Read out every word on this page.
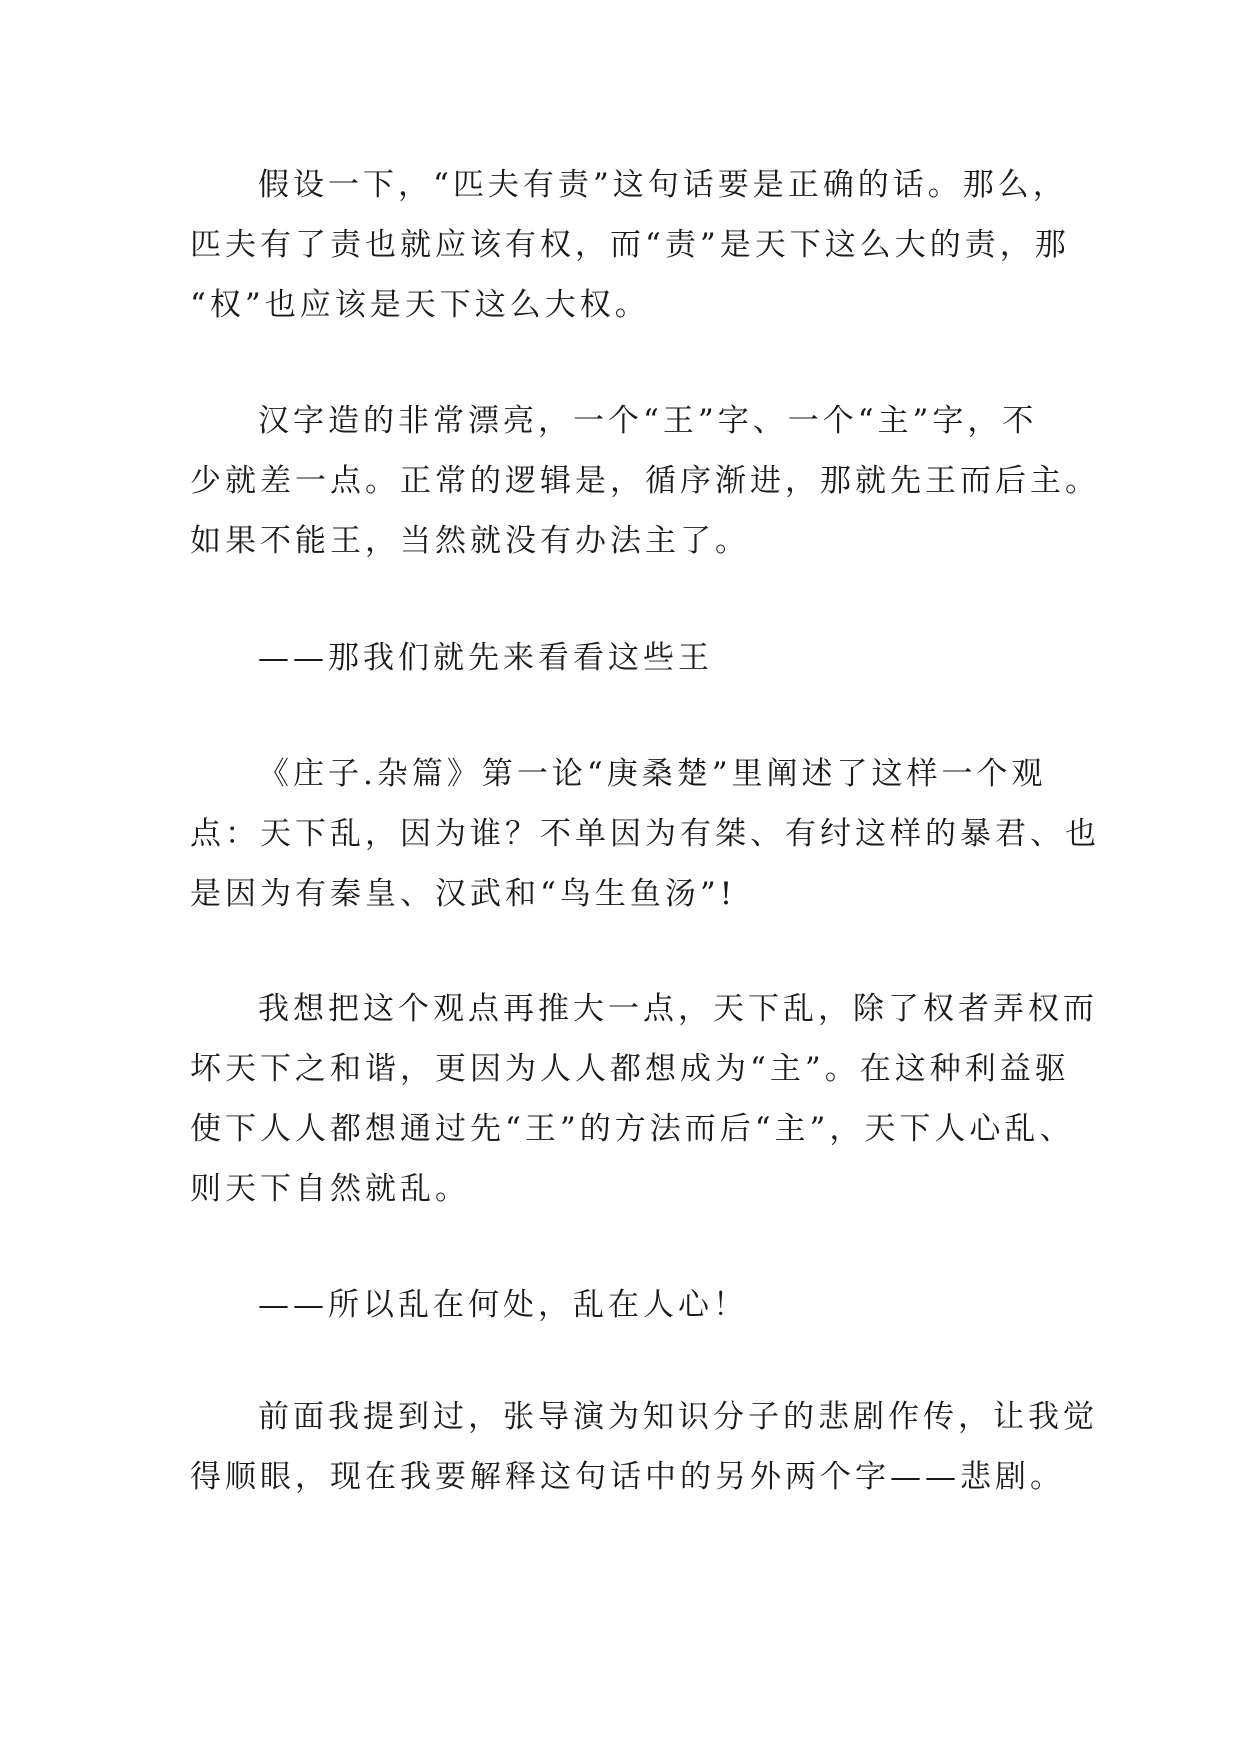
假设一下，“匹夫有责”这句话要是正确的话。那么，
匹夫有了责也就应该有权，而“责”是天下这么大的责，那
“权”也应该是天下这么大权。

汉字造的非常漂亮，一个“王”字、一个“主”字，不
少就差一点。正常的逻辑是，循序渐进，那就先王而后主。
如果不能王，当然就没有办法主了。

——那我们就先来看看这些王

《庄子.杂篇》第一论“庚桑楚”里阐述了这样一个观
点：天下乱，因为谁？不单因为有桀、有纣这样的暴君、也
是因为有秦皇、汉武和“鸟生鱼汤”!

我想把这个观点再推大一点，天下乱，除了权者弄权而
坏天下之和谐，更因为人人都想成为“主”。在这种利益驱
使下人人都想通过先“王”的方法而后“主”，天下人心乱、
则天下自然就乱。

——所以乱在何处，乱在人心！

前面我提到过，张导演为知识分子的悲剧作传，让我觉
得顺眼，现在我要解释这句话中的另外两个字——悲剧。
